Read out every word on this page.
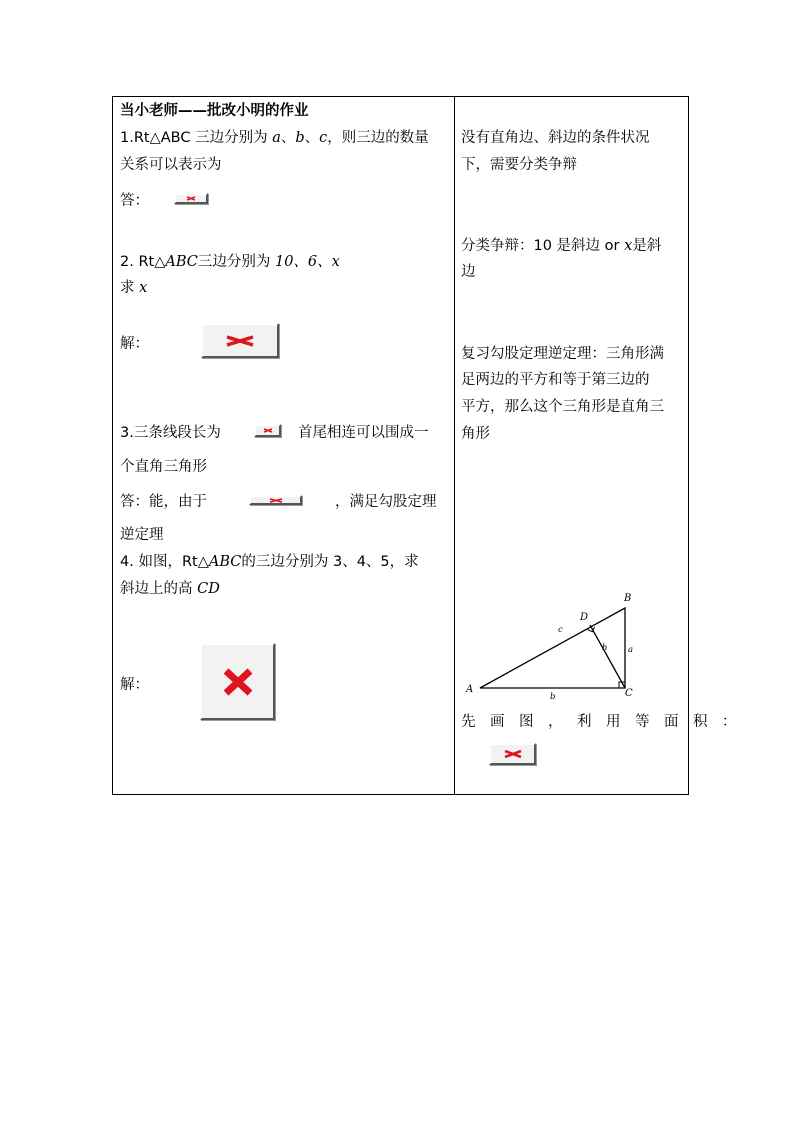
当小老师——批改小明的作业
1.Rt△ABC 三边分别为 a、b、c，则三边的数量
关系可以表示为
答：
2. Rt△ABC三边分别为 10、6、x
求 x
解：
3.三条线段长为	首尾相连可以围成一
个直角三角形
答：能，由于	，满足勾股定理
逆定理
4. 如图，Rt△ABC的三边分别为 3、4、5，求
斜边上的高 CD
解：
没有直角边、斜边的条件状况
下，需要分类争辩
分类争辩：10 是斜边 or x是斜
边
复习勾股定理逆定理：三角形满
足两边的平方和等于第三边的
平方，那么这个三角形是直角三
角形
A
B
C
D
a
b
c
h
先画图，利用等面积：
